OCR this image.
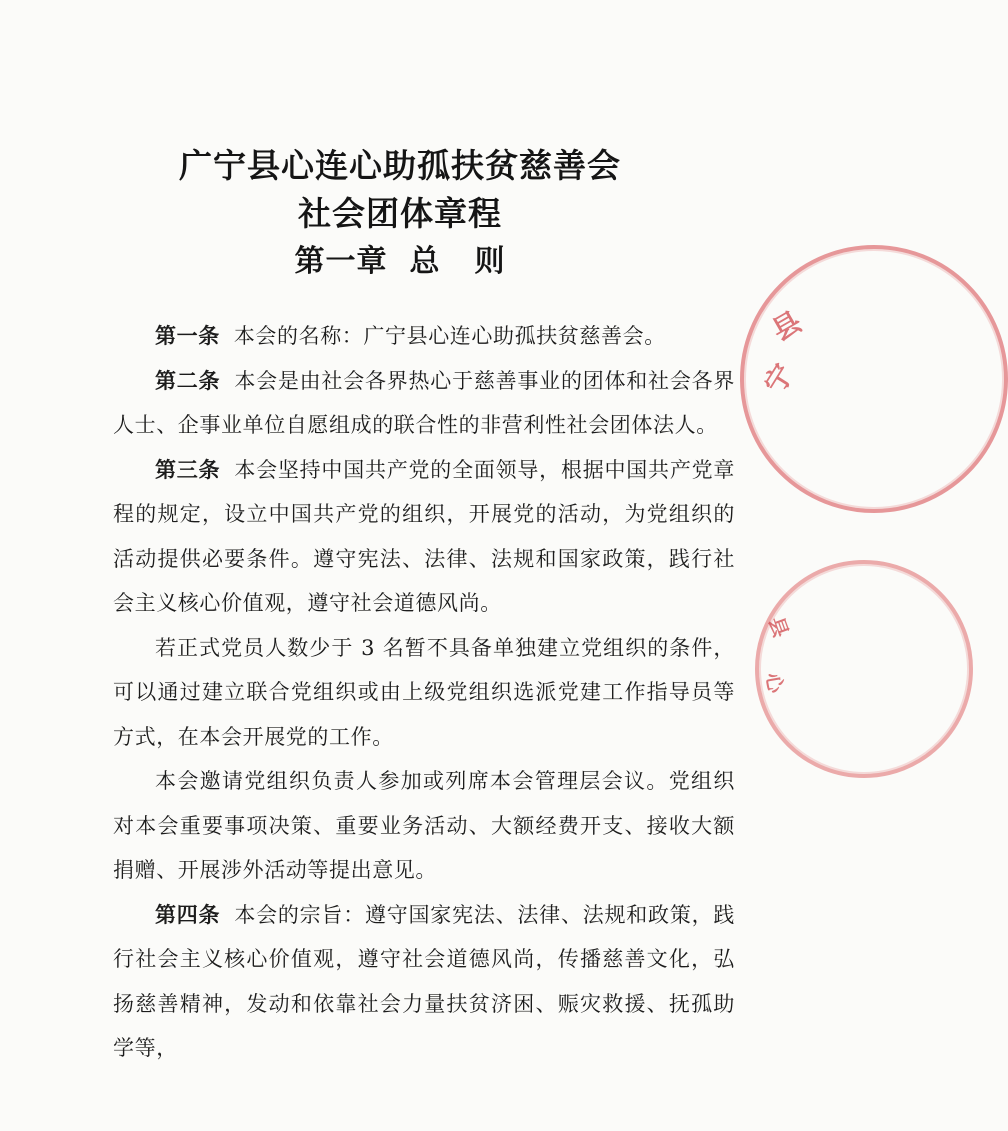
县
宁
县
心
广宁县心连心助孤扶贫慈善会
社会团体章程
第一章 总 则

第一条 本会的名称：广宁县心连心助孤扶贫慈善会。

第二条 本会是由社会各界热心于慈善事业的团体和社会各界人士、企事业单位自愿组成的联合性的非营利性社会团体法人。

第三条 本会坚持中国共产党的全面领导，根据中国共产党章程的规定，设立中国共产党的组织，开展党的活动，为党组织的活动提供必要条件。遵守宪法、法律、法规和国家政策，践行社会主义核心价值观，遵守社会道德风尚。

若正式党员人数少于 3 名暂不具备单独建立党组织的条件，可以通过建立联合党组织或由上级党组织选派党建工作指导员等方式，在本会开展党的工作。

本会邀请党组织负责人参加或列席本会管理层会议。党组织对本会重要事项决策、重要业务活动、大额经费开支、接收大额捐赠、开展涉外活动等提出意见。

第四条 本会的宗旨：遵守国家宪法、法律、法规和政策，践行社会主义核心价值观，遵守社会道德风尚，传播慈善文化，弘扬慈善精神，发动和依靠社会力量扶贫济困、赈灾救援、抚孤助学等，
